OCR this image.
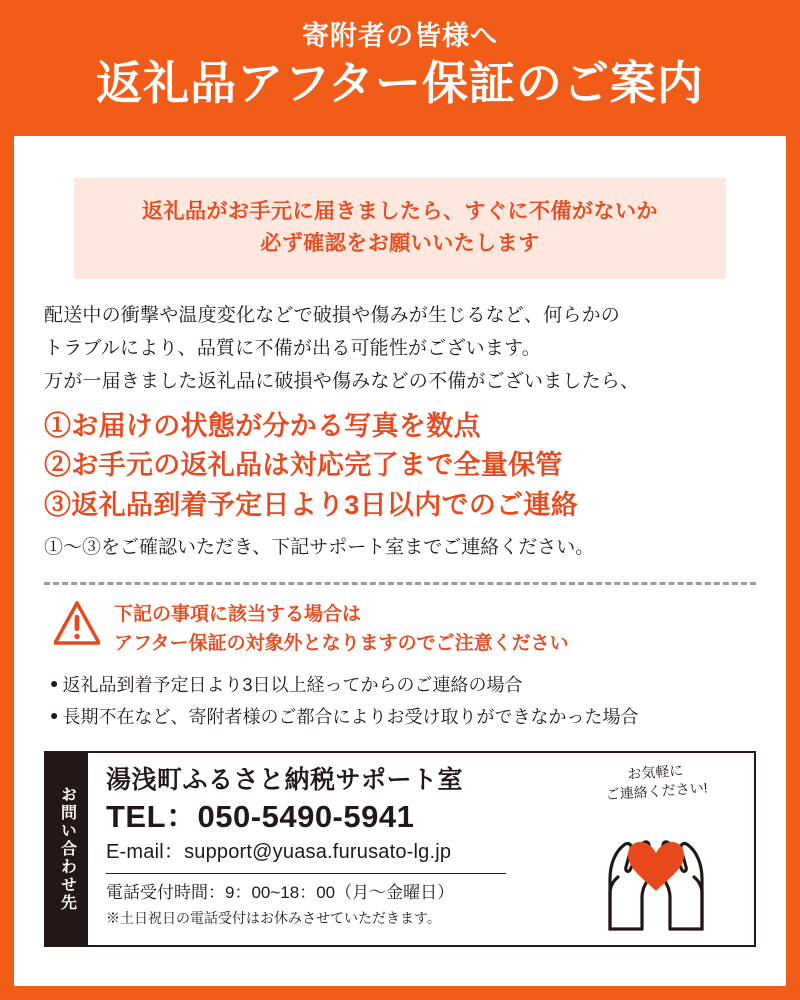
寄附者の皆様へ
返礼品アフター保証のご案内
返礼品がお手元に届きましたら、すぐに不備がないか
必ず確認をお願いいたします

配送中の衝撃や温度変化などで破損や傷みが生じるなど、何らかの

トラブルにより、品質に不備が出る可能性がございます。

万が一届きました返礼品に破損や傷みなどの不備がございましたら、

①お届けの状態が分かる写真を数点
②お手元の返礼品は対応完了まで全量保管
③返礼品到着予定日より3日以内でのご連絡

①〜③をご確認いただき、下記サポート室までご連絡ください。

下記の事項に該当する場合は
アフター保証の対象外となりますのでご注意ください
● 返礼品到着予定日より3日以上経ってからのご連絡の場合
● 長期不在など、寄附者様のご都合によりお受け取りができなかった場合
お問い合わせ先
湯浅町ふるさと納税サポート室
TEL：050-5490-5941
E-mail：support@yuasa.furusato-lg.jp
電話受付時間：9：00~18：00（月〜金曜日）
※土日祝日の電話受付はお休みさせていただきます。
お気軽に
ご連絡ください!
